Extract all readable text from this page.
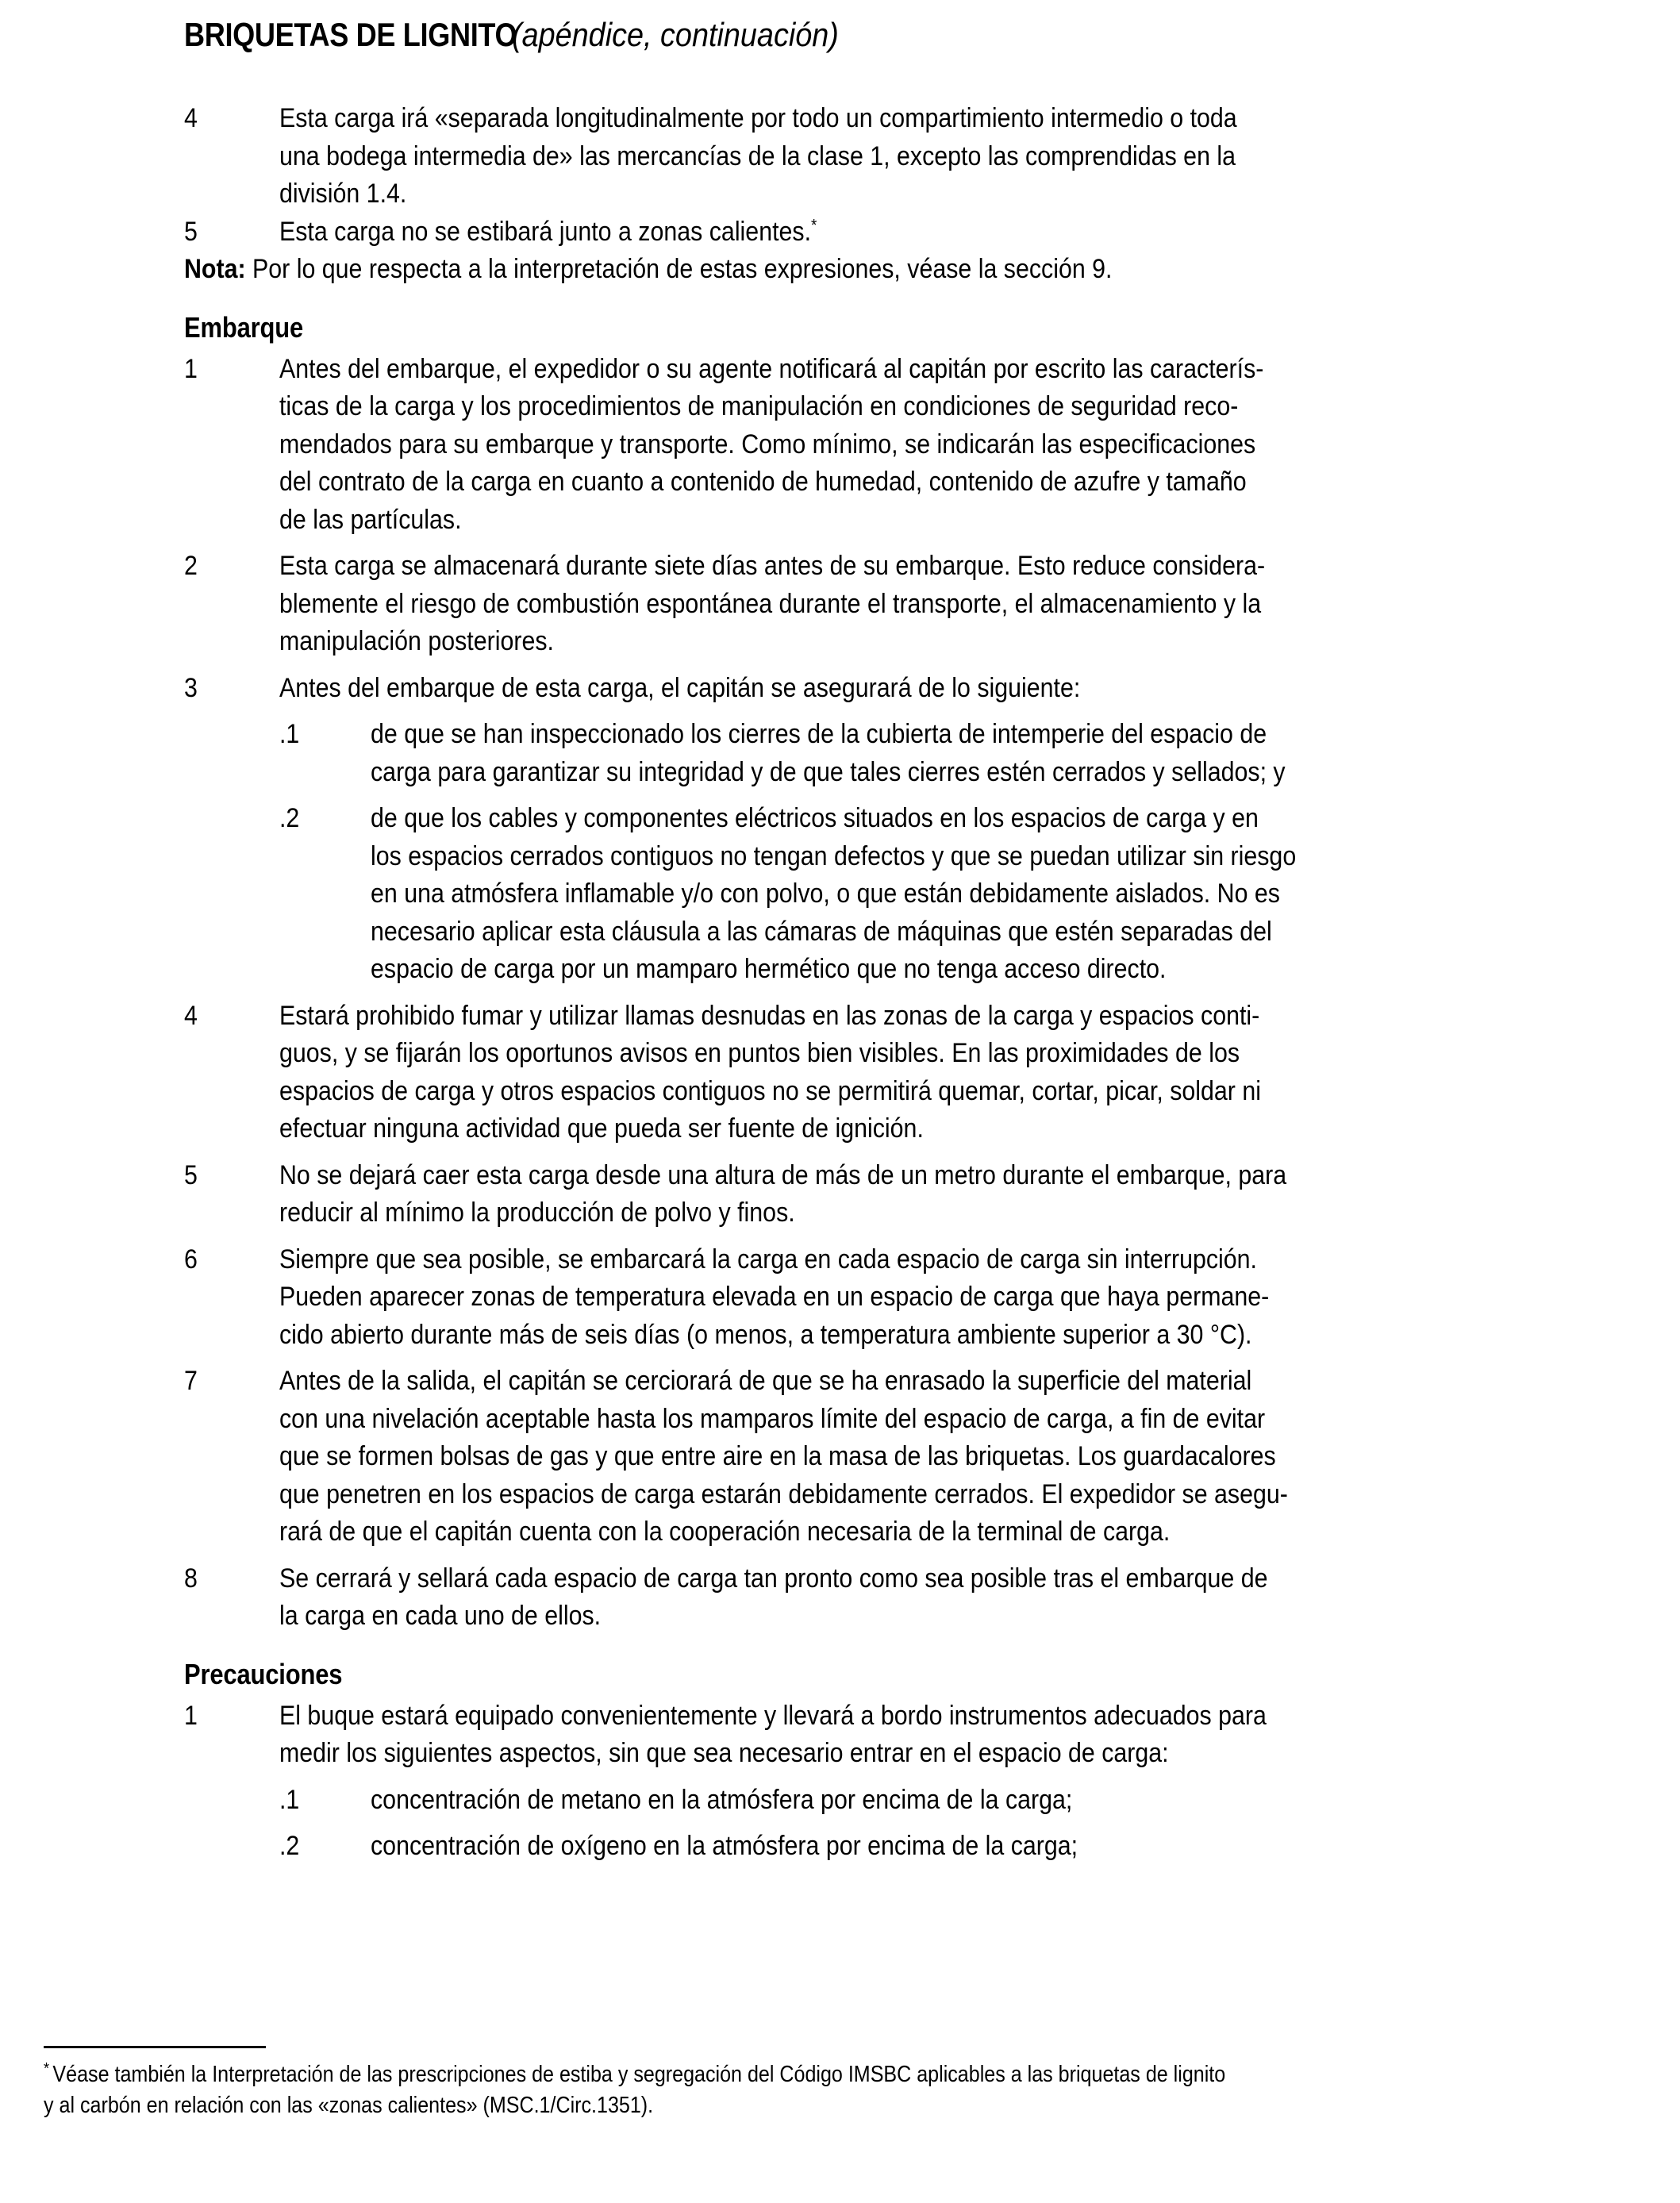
BRIQUETAS DE LIGNITO (apéndice, continuación)
4	Esta carga irá «separada longitudinalmente por todo un compartimiento intermedio o toda
una bodega intermedia de» las mercancías de la clase 1, excepto las comprendidas en la
división 1.4.
5	Esta carga no se estibará junto a zonas calientes.*
Nota: Por lo que respecta a la interpretación de estas expresiones, véase la sección 9.
Embarque
1	Antes del embarque, el expedidor o su agente notificará al capitán por escrito las caracterís-
ticas de la carga y los procedimientos de manipulación en condiciones de seguridad reco-
mendados para su embarque y transporte. Como mínimo, se indicarán las especificaciones
del contrato de la carga en cuanto a contenido de humedad, contenido de azufre y tamaño
de las partículas.
2	Esta carga se almacenará durante siete días antes de su embarque. Esto reduce considera-
blemente el riesgo de combustión espontánea durante el transporte, el almacenamiento y la
manipulación posteriores.
3	Antes del embarque de esta carga, el capitán se asegurará de lo siguiente:
.1	de que se han inspeccionado los cierres de la cubierta de intemperie del espacio de
carga para garantizar su integridad y de que tales cierres estén cerrados y sellados; y
.2	de que los cables y componentes eléctricos situados en los espacios de carga y en
los espacios cerrados contiguos no tengan defectos y que se puedan utilizar sin riesgo
en una atmósfera inflamable y/o con polvo, o que están debidamente aislados. No es
necesario aplicar esta cláusula a las cámaras de máquinas que estén separadas del
espacio de carga por un mamparo hermético que no tenga acceso directo.
4	Estará prohibido fumar y utilizar llamas desnudas en las zonas de la carga y espacios conti-
guos, y se fijarán los oportunos avisos en puntos bien visibles. En las proximidades de los
espacios de carga y otros espacios contiguos no se permitirá quemar, cortar, picar, soldar ni
efectuar ninguna actividad que pueda ser fuente de ignición.
5	No se dejará caer esta carga desde una altura de más de un metro durante el embarque, para
reducir al mínimo la producción de polvo y finos.
6	Siempre que sea posible, se embarcará la carga en cada espacio de carga sin interrupción.
Pueden aparecer zonas de temperatura elevada en un espacio de carga que haya permane-
cido abierto durante más de seis días (o menos, a temperatura ambiente superior a 30 °C).
7	Antes de la salida, el capitán se cerciorará de que se ha enrasado la superficie del material
con una nivelación aceptable hasta los mamparos límite del espacio de carga, a fin de evitar
que se formen bolsas de gas y que entre aire en la masa de las briquetas. Los guardacalores
que penetren en los espacios de carga estarán debidamente cerrados. El expedidor se asegu-
rará de que el capitán cuenta con la cooperación necesaria de la terminal de carga.
8	Se cerrará y sellará cada espacio de carga tan pronto como sea posible tras el embarque de
la carga en cada uno de ellos.
Precauciones
1	El buque estará equipado convenientemente y llevará a bordo instrumentos adecuados para
medir los siguientes aspectos, sin que sea necesario entrar en el espacio de carga:
.1	concentración de metano en la atmósfera por encima de la carga;
.2	concentración de oxígeno en la atmósfera por encima de la carga;
* Véase también la Interpretación de las prescripciones de estiba y segregación del Código IMSBC aplicables a las briquetas de lignito
y al carbón en relación con las «zonas calientes» (MSC.1/Circ.1351).
